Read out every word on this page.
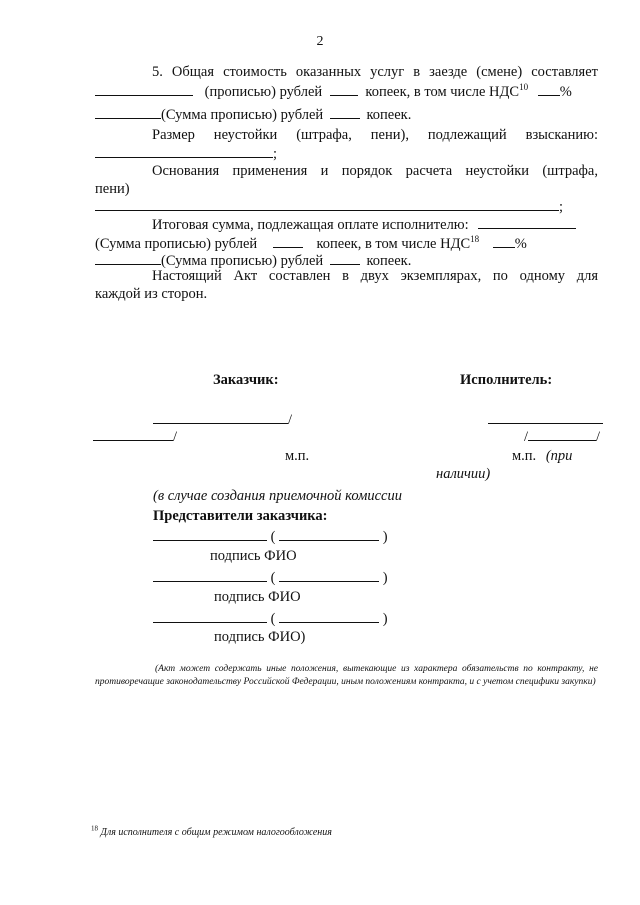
2
5. Общая стоимость оказанных услуг в заезде (смене) составляет
(прописью) рублей	копеек, в том числе НДС$^{10}$ %
(Сумма прописью) рублей	копеек.
Размер неустойки (штрафа, пени), подлежащий взысканию:
;
Основания применения и порядок расчета неустойки (штрафа,
пени)
;
Итоговая сумма, подлежащая оплате исполнителю:
(Сумма прописью) рублей	копеек, в том числе НДС$^{18}$ %
(Сумма прописью) рублей	копеек.
Настоящий Акт составлен в двух экземплярах, по одному для
каждой из сторон.
Заказчик:	Исполнитель:
/
/	/	/
м.п.	м.п. (при
наличии)
(в случае создания приемочной комиссии
Представители заказчика:
(	)
подпись ФИО
(	)
подпись ФИО
(	)
подпись ФИО)
(Акт может содержать иные положения, вытекающие из характера обязательств по контракту, не противоречащие законодательству Российской Федерации, иным положениям контракта, и с учетом специфики закупки)
$^{18}$ Для исполнителя с общим режимом налогообложения
